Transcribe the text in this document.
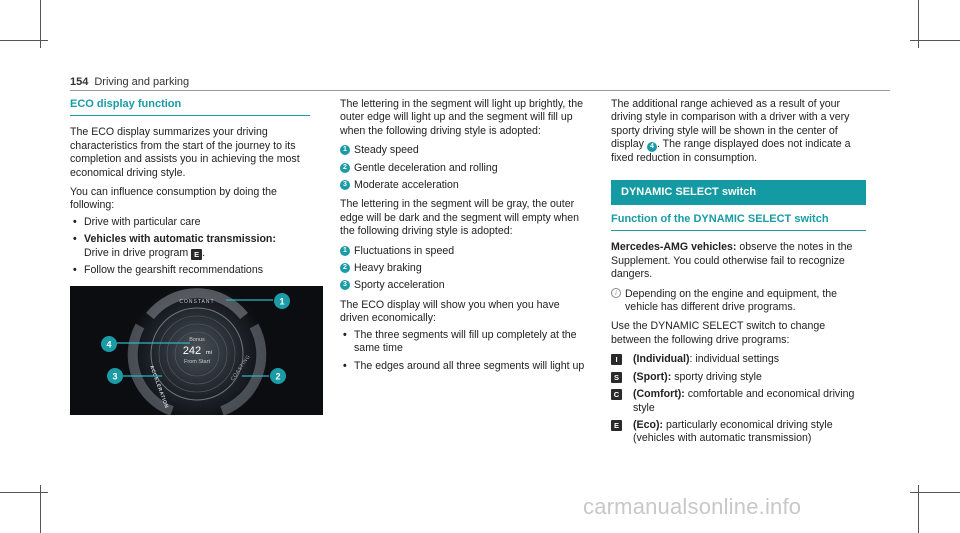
154 Driving and parking
ECO display function

The ECO display summarizes your driving characteristics from the start of the journey to its completion and assists you in achieving the most economical driving style.

You can influence consumption by doing the following:

• Drive with particular care
• Vehicles with automatic transmission:
Drive in drive program E .
• Follow the gearshift recommendations
CONSTANT
ACCELERATION	COASTING
Bonus
242 mi
From Start
1
4
3	2

The lettering in the segment will light up brightly, the outer edge will light up and the segment will fill up when the following driving style is adopted:

1 Steady speed
2 Gentle deceleration and rolling
3 Moderate acceleration

The lettering in the segment will be gray, the outer edge will be dark and the segment will empty when the following driving style is adopted:

1 Fluctuations in speed
2 Heavy braking
3 Sporty acceleration

The ECO display will show you when you have driven economically:

• The three segments will fill up completely at the same time
• The edges around all three segments will light up

The additional range achieved as a result of your driving style in comparison with a driver with a very sporty driving style will be shown in the center of display 4 . The range displayed does not indicate a fixed reduction in consumption.

DYNAMIC SELECT switch
Function of the DYNAMIC SELECT switch

Mercedes-AMG vehicles: observe the notes in the Supplement. You could otherwise fail to recognize dangers.

i Depending on the engine and equipment, the vehicle has different drive programs.

Use the DYNAMIC SELECT switch to change between the following drive programs:

I	(Individual): individual settings
S (Sport): sporty driving style
C (Comfort): comfortable and economical driving style
E (Eco): particularly economical driving style (vehicles with automatic transmission)
carmanualsonline.info
